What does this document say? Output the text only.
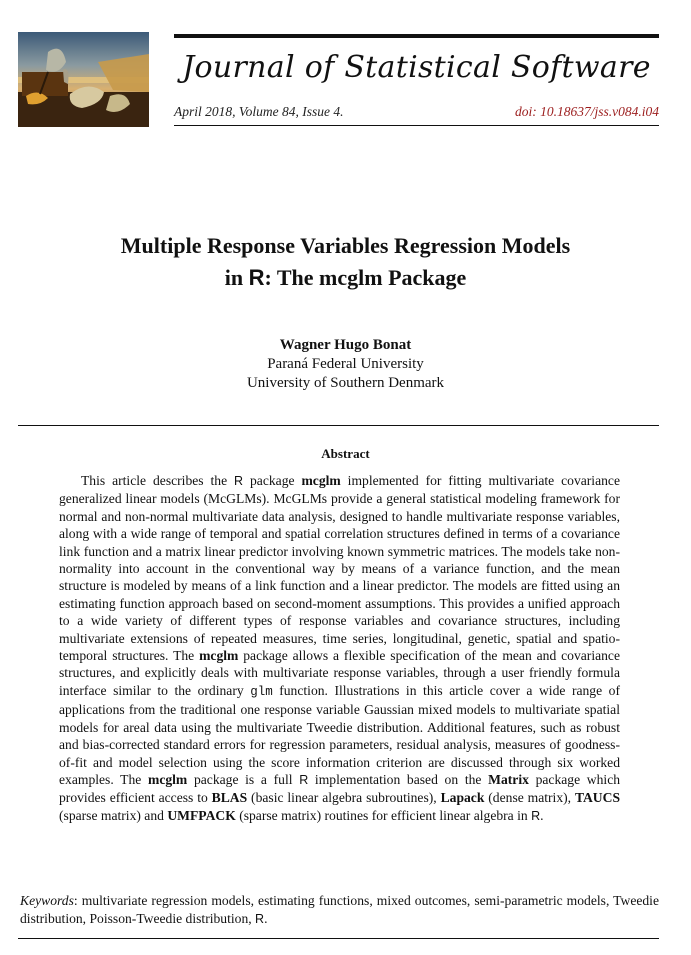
Journal of Statistical Software
April 2018, Volume 84, Issue 4.	doi: 10.18637/jss.v084.i04
Multiple Response Variables Regression Models
in R: The mcglm Package
Wagner Hugo Bonat
Paraná Federal University
University of Southern Denmark
Abstract
This article describes the R package mcglm implemented for fitting multivariate covariance generalized linear models (McGLMs). McGLMs provide a general statistical modeling framework for normal and non-normal multivariate data analysis, designed to handle multivariate response variables, along with a wide range of temporal and spatial correlation structures defined in terms of a covariance link function and a matrix linear predictor involving known symmetric matrices. The models take non-normality into account in the conventional way by means of a variance function, and the mean structure is modeled by means of a link function and a linear predictor. The models are fitted using an estimating function approach based on second-moment assumptions. This provides a unified approach to a wide variety of different types of response variables and covariance structures, including multivariate extensions of repeated measures, time series, longitudinal, genetic, spatial and spatio-temporal structures. The mcglm package allows a flexible specification of the mean and covariance structures, and explicitly deals with multivariate response variables, through a user friendly formula interface similar to the ordinary glm function. Illustrations in this article cover a wide range of applications from the traditional one response variable Gaussian mixed models to multivariate spatial models for areal data using the multivariate Tweedie distribution. Additional features, such as robust and bias-corrected standard errors for regression parameters, residual analysis, measures of goodness-of-fit and model selection using the score information criterion are discussed through six worked examples. The mcglm package is a full R implementation based on the Matrix package which provides efficient access to BLAS (basic linear algebra subroutines), Lapack (dense matrix), TAUCS (sparse matrix) and UMFPACK (sparse matrix) routines for efficient linear algebra in R.
Keywords: multivariate regression models, estimating functions, mixed outcomes, semi-parametric models, Tweedie distribution, Poisson-Tweedie distribution, R.
